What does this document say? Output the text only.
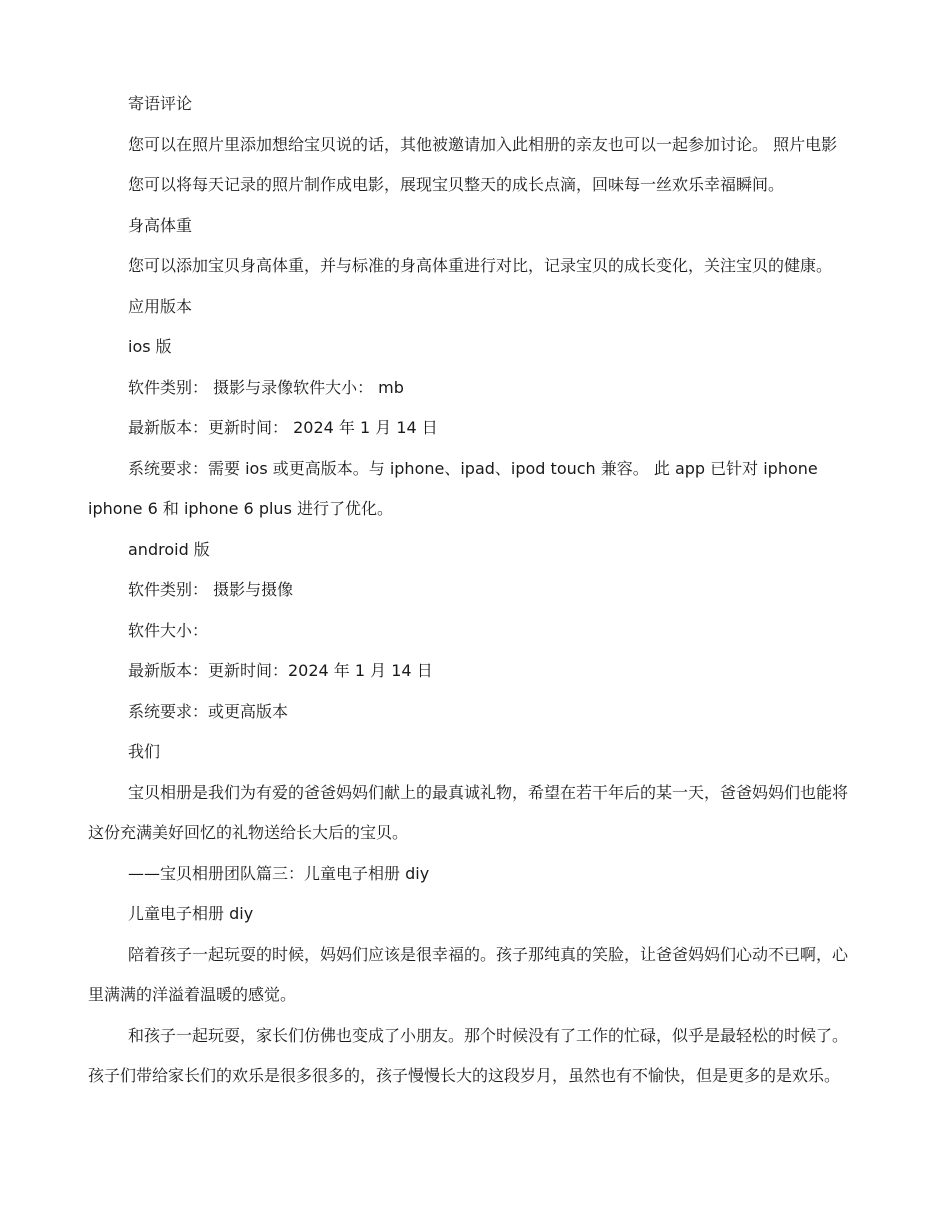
寄语评论

您可以在照片里添加想给宝贝说的话，其他被邀请加入此相册的亲友也可以一起参加讨论。 照片电影

您可以将每天记录的照片制作成电影，展现宝贝整天的成长点滴，回味每一丝欢乐幸福瞬间。

身高体重

您可以添加宝贝身高体重，并与标准的身高体重进行对比，记录宝贝的成长变化，关注宝贝的健康。

应用版本

ios 版

软件类别： 摄影与录像软件大小： mb

最新版本：更新时间： 2024 年 1 月 14 日

系统要求：需要 ios 或更高版本。与 iphone、ipad、ipod touch 兼容。 此 app 已针对 iphone

iphone 6 和 iphone 6 plus 进行了优化。

android 版

软件类别： 摄影与摄像

软件大小：

最新版本：更新时间：2024 年 1 月 14 日

系统要求：或更高版本

我们

宝贝相册是我们为有爱的爸爸妈妈们献上的最真诚礼物，希望在若干年后的某一天，爸爸妈妈们也能将

这份充满美好回忆的礼物送给长大后的宝贝。

——宝贝相册团队篇三：儿童电子相册 diy

儿童电子相册 diy

陪着孩子一起玩耍的时候，妈妈们应该是很幸福的。孩子那纯真的笑脸，让爸爸妈妈们心动不已啊，心

里满满的洋溢着温暖的感觉。

和孩子一起玩耍，家长们仿佛也变成了小朋友。那个时候没有了工作的忙碌，似乎是最轻松的时候了。

孩子们带给家长们的欢乐是很多很多的，孩子慢慢长大的这段岁月，虽然也有不愉快，但是更多的是欢乐。
